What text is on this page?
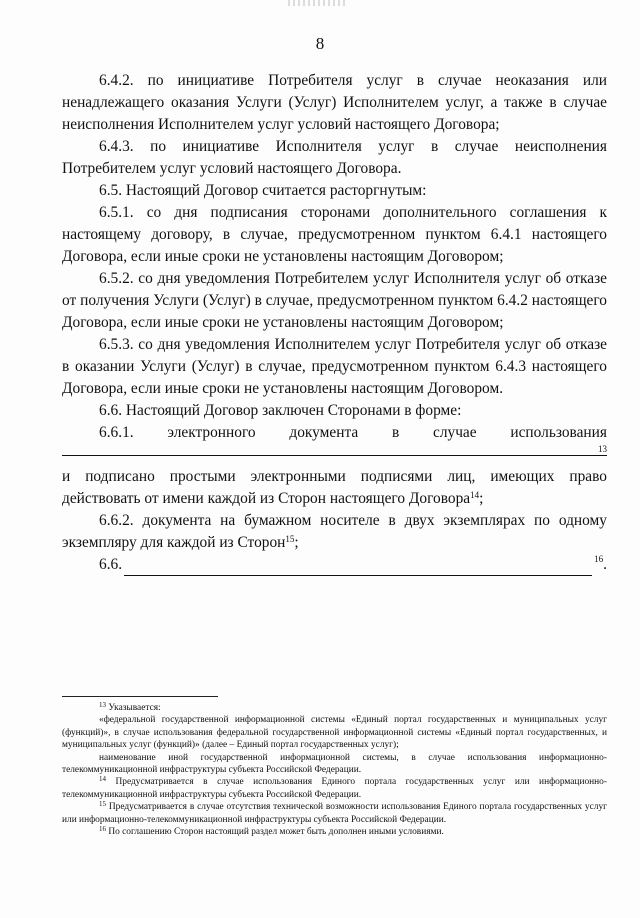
8

6.4.2. по инициативе Потребителя услуг в случае неоказания или ненадлежащего оказания Услуги (Услуг) Исполнителем услуг, а также в случае неисполнения Исполнителем услуг условий настоящего Договора;

6.4.3. по инициативе Исполнителя услуг в случае неисполнения Потребителем услуг условий настоящего Договора.

6.5. Настоящий Договор считается расторгнутым:

6.5.1. со дня подписания сторонами дополнительного соглашения к настоящему договору, в случае, предусмотренном пунктом 6.4.1 настоящего Договора, если иные сроки не установлены настоящим Договором;

6.5.2. со дня уведомления Потребителем услуг Исполнителя услуг об отказе от получения Услуги (Услуг) в случае, предусмотренном пунктом 6.4.2 настоящего Договора, если иные сроки не установлены настоящим Договором;

6.5.3. со дня уведомления Исполнителем услуг Потребителя услуг об отказе в оказании Услуги (Услуг) в случае, предусмотренном пунктом 6.4.3 настоящего Договора, если иные сроки не установлены настоящим Договором.

6.6. Настоящий Договор заключен Сторонами в форме:

6.6.1. электронного документа в случае использования

13

и подписано простыми электронными подписями лиц, имеющих право действовать от имени каждой из Сторон настоящего Договора$^{14}$;

6.6.2. документа на бумажном носителе в двух экземплярах по одному экземпляру для каждой из Сторон$^{15}$;

6.6.	$^{16}$.

$^{13}$ Указывается:

«федеральной государственной информационной системы «Единый портал государственных и муниципальных услуг (функций)», в случае использования федеральной государственной информационной системы «Единый портал государственных, и муниципальных услуг (функций)» (далее – Единый портал государственных услуг);

наименование иной государственной информационной системы, в случае использования информационно-телекоммуникационной инфраструктуры субъекта Российской Федерации.

$^{14}$ Предусматривается в случае использования Единого портала государственных услуг или информационно-телекоммуникационной инфраструктуры субъекта Российской Федерации.

$^{15}$ Предусматривается в случае отсутствия технической возможности использования Единого портала государственных услуг или информационно-телекоммуникационной инфраструктуры субъекта Российской Федерации.

$^{16}$ По соглашению Сторон настоящий раздел может быть дополнен иными условиями.
